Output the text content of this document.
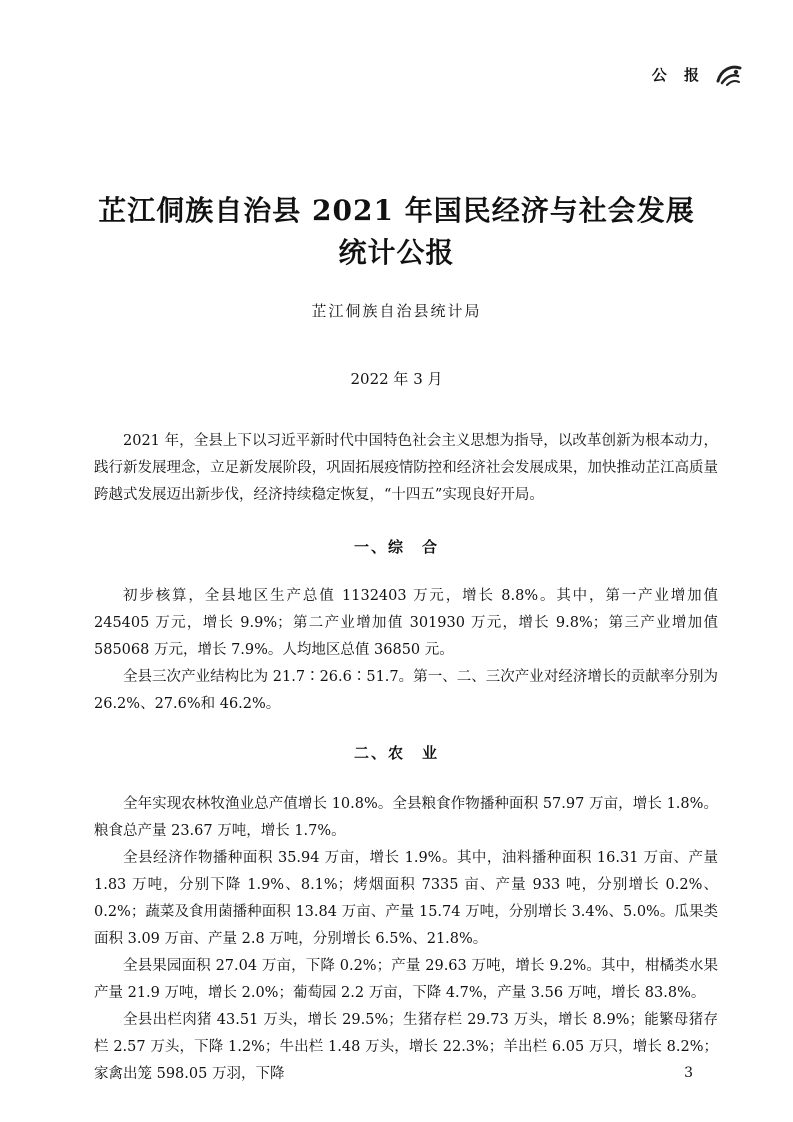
公 报
芷江侗族自治县 2021 年国民经济与社会发展
统计公报
芷江侗族自治县统计局
2022 年 3 月

2021 年，全县上下以习近平新时代中国特色社会主义思想为指导，以改革创新为根本动力，践行新发展理念，立足新发展阶段，巩固拓展疫情防控和经济社会发展成果，加快推动芷江高质量跨越式发展迈出新步伐，经济持续稳定恢复，“十四五”实现良好开局。

一、综　合

初步核算，全县地区生产总值 1132403 万元，增长 8.8%。其中，第一产业增加值 245405 万元，增长 9.9%；第二产业增加值 301930 万元，增长 9.8%；第三产业增加值 585068 万元，增长 7.9%。人均地区总值 36850 元。

全县三次产业结构比为 21.7∶26.6∶51.7。第一、二、三次产业对经济增长的贡献率分别为 26.2%、27.6%和 46.2%。

二、农　业

全年实现农林牧渔业总产值增长 10.8%。全县粮食作物播种面积 57.97 万亩，增长 1.8%。粮食总产量 23.67 万吨，增长 1.7%。

全县经济作物播种面积 35.94 万亩，增长 1.9%。其中，油料播种面积 16.31 万亩、产量 1.83 万吨，分别下降 1.9%、8.1%；烤烟面积 7335 亩、产量 933 吨，分别增长 0.2%、0.2%；蔬菜及食用菌播种面积 13.84 万亩、产量 15.74 万吨，分别增长 3.4%、5.0%。瓜果类面积 3.09 万亩、产量 2.8 万吨，分别增长 6.5%、21.8%。

全县果园面积 27.04 万亩，下降 0.2%；产量 29.63 万吨，增长 9.2%。其中，柑橘类水果产量 21.9 万吨，增长 2.0%；葡萄园 2.2 万亩，下降 4.7%，产量 3.56 万吨，增长 83.8%。

全县出栏肉猪 43.51 万头，增长 29.5%；生猪存栏 29.73 万头，增长 8.9%；能繁母猪存栏 2.57 万头，下降 1.2%；牛出栏 1.48 万头，增长 22.3%；羊出栏 6.05 万只，增长 8.2%；家禽出笼 598.05 万羽，下降	3
